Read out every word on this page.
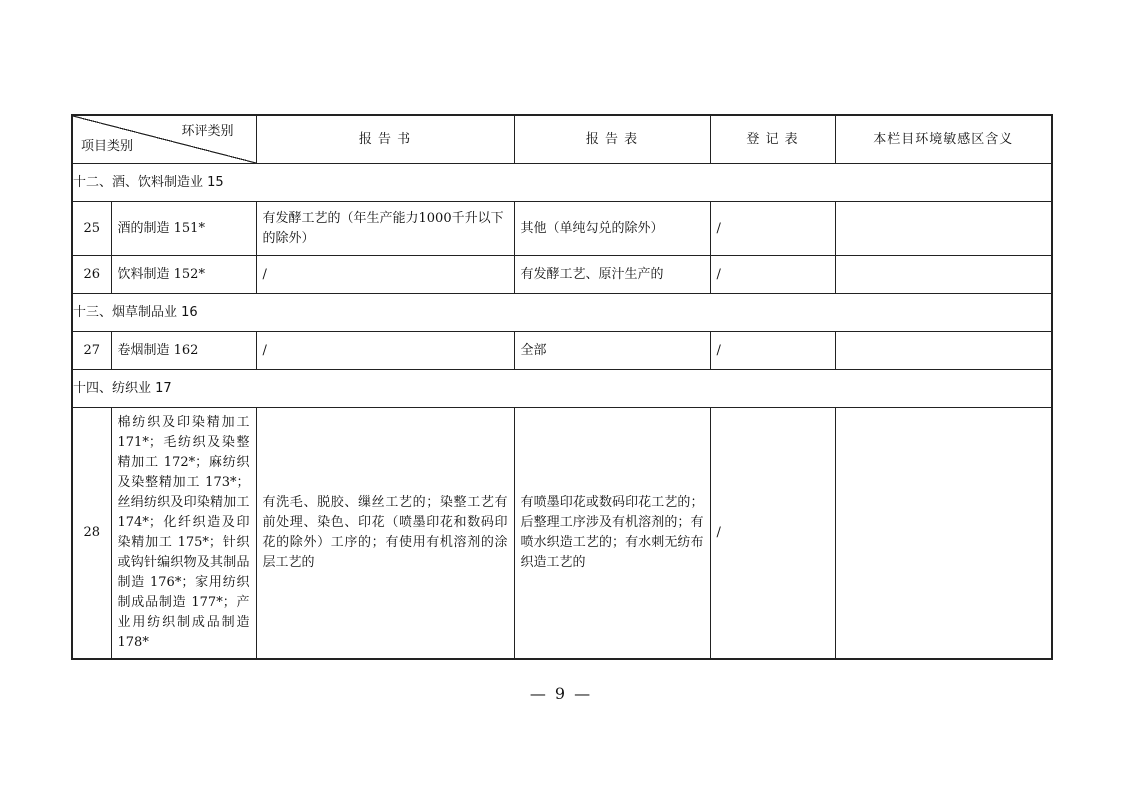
环评类别
项目类别		报 告 书	报 告 表	登 记 表	本栏目环境敏感区含义
十二、酒、饮料制造业 15					
25	酒的制造 151*	有发酵工艺的（年生产能力1000千升以下的除外）	其他（单纯勾兑的除外）	/	
26	饮料制造 152*	/	有发酵工艺、原汁生产的	/	
十三、烟草制品业 16					
27	卷烟制造 162	/	全部	/	
十四、纺织业 17					
28	棉纺织及印染精加工 171*；毛纺织及染整精加工 172*；麻纺织及染整精加工 173*；丝绢纺织及印染精加工 174*；化纤织造及印染精加工 175*；针织或钩针编织物及其制品制造 176*；家用纺织制成品制造 177*；产业用纺织制成品制造 178*	有洗毛、脱胶、缫丝工艺的；染整工艺有前处理、染色、印花（喷墨印花和数码印花的除外）工序的；有使用有机溶剂的涂层工艺的	有喷墨印花或数码印花工艺的；后整理工序涉及有机溶剂的；有喷水织造工艺的；有水刺无纺布织造工艺的	/	
— 9 —
